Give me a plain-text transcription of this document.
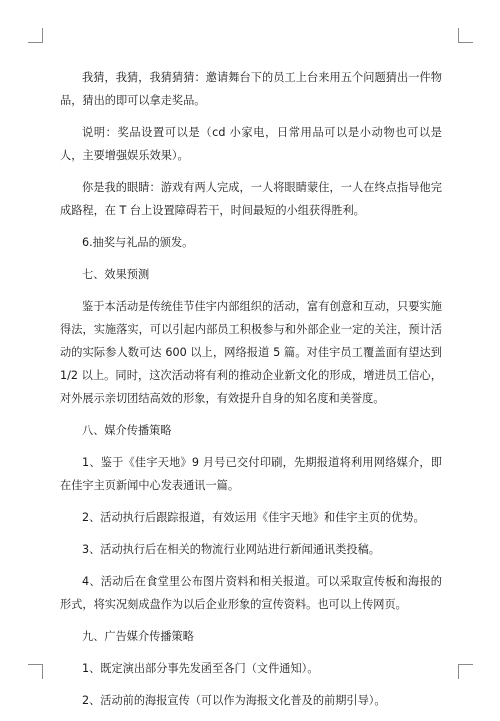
我猜，我猜，我猜猜猜：邀请舞台下的员工上台来用五个问题猜出一件物品，猜出的即可以拿走奖品。

说明：奖品设置可以是（cd 小家电，日常用品可以是小动物也可以是人，主要增强娱乐效果）。

你是我的眼睛：游戏有两人完成，一人将眼睛蒙住，一人在终点指导他完成路程，在 T 台上设置障碍若干，时间最短的小组获得胜利。

6.抽奖与礼品的颁发。

七、效果预测

鉴于本活动是传统佳节佳宇内部组织的活动，富有创意和互动，只要实施得法，实施落实，可以引起内部员工积极参与和外部企业一定的关注，预计活动的实际参人数可达 600 以上，网络报道 5 篇。对佳宇员工覆盖面有望达到 1/2 以上。同时，这次活动将有利的推动企业新文化的形成，增进员工信心，对外展示亲切团结高效的形象，有效提升自身的知名度和美誉度。

八、媒介传播策略

1、鉴于《佳宇天地》9 月号已交付印刷，先期报道将利用网络媒介，即在佳宇主页新闻中心发表通讯一篇。

2、活动执行后跟踪报道，有效运用《佳宇天地》和佳宇主页的优势。

3、活动执行后在相关的物流行业网站进行新闻通讯类投稿。

4、活动后在食堂里公布图片资料和相关报道。可以采取宣传板和海报的形式，将实况刻成盘作为以后企业形象的宣传资料。也可以上传网页。

九、广告媒介传播策略

1、既定演出部分事先发函至各门（文件通知）。

2、活动前的海报宣传（可以作为海报文化普及的前期引导）。
